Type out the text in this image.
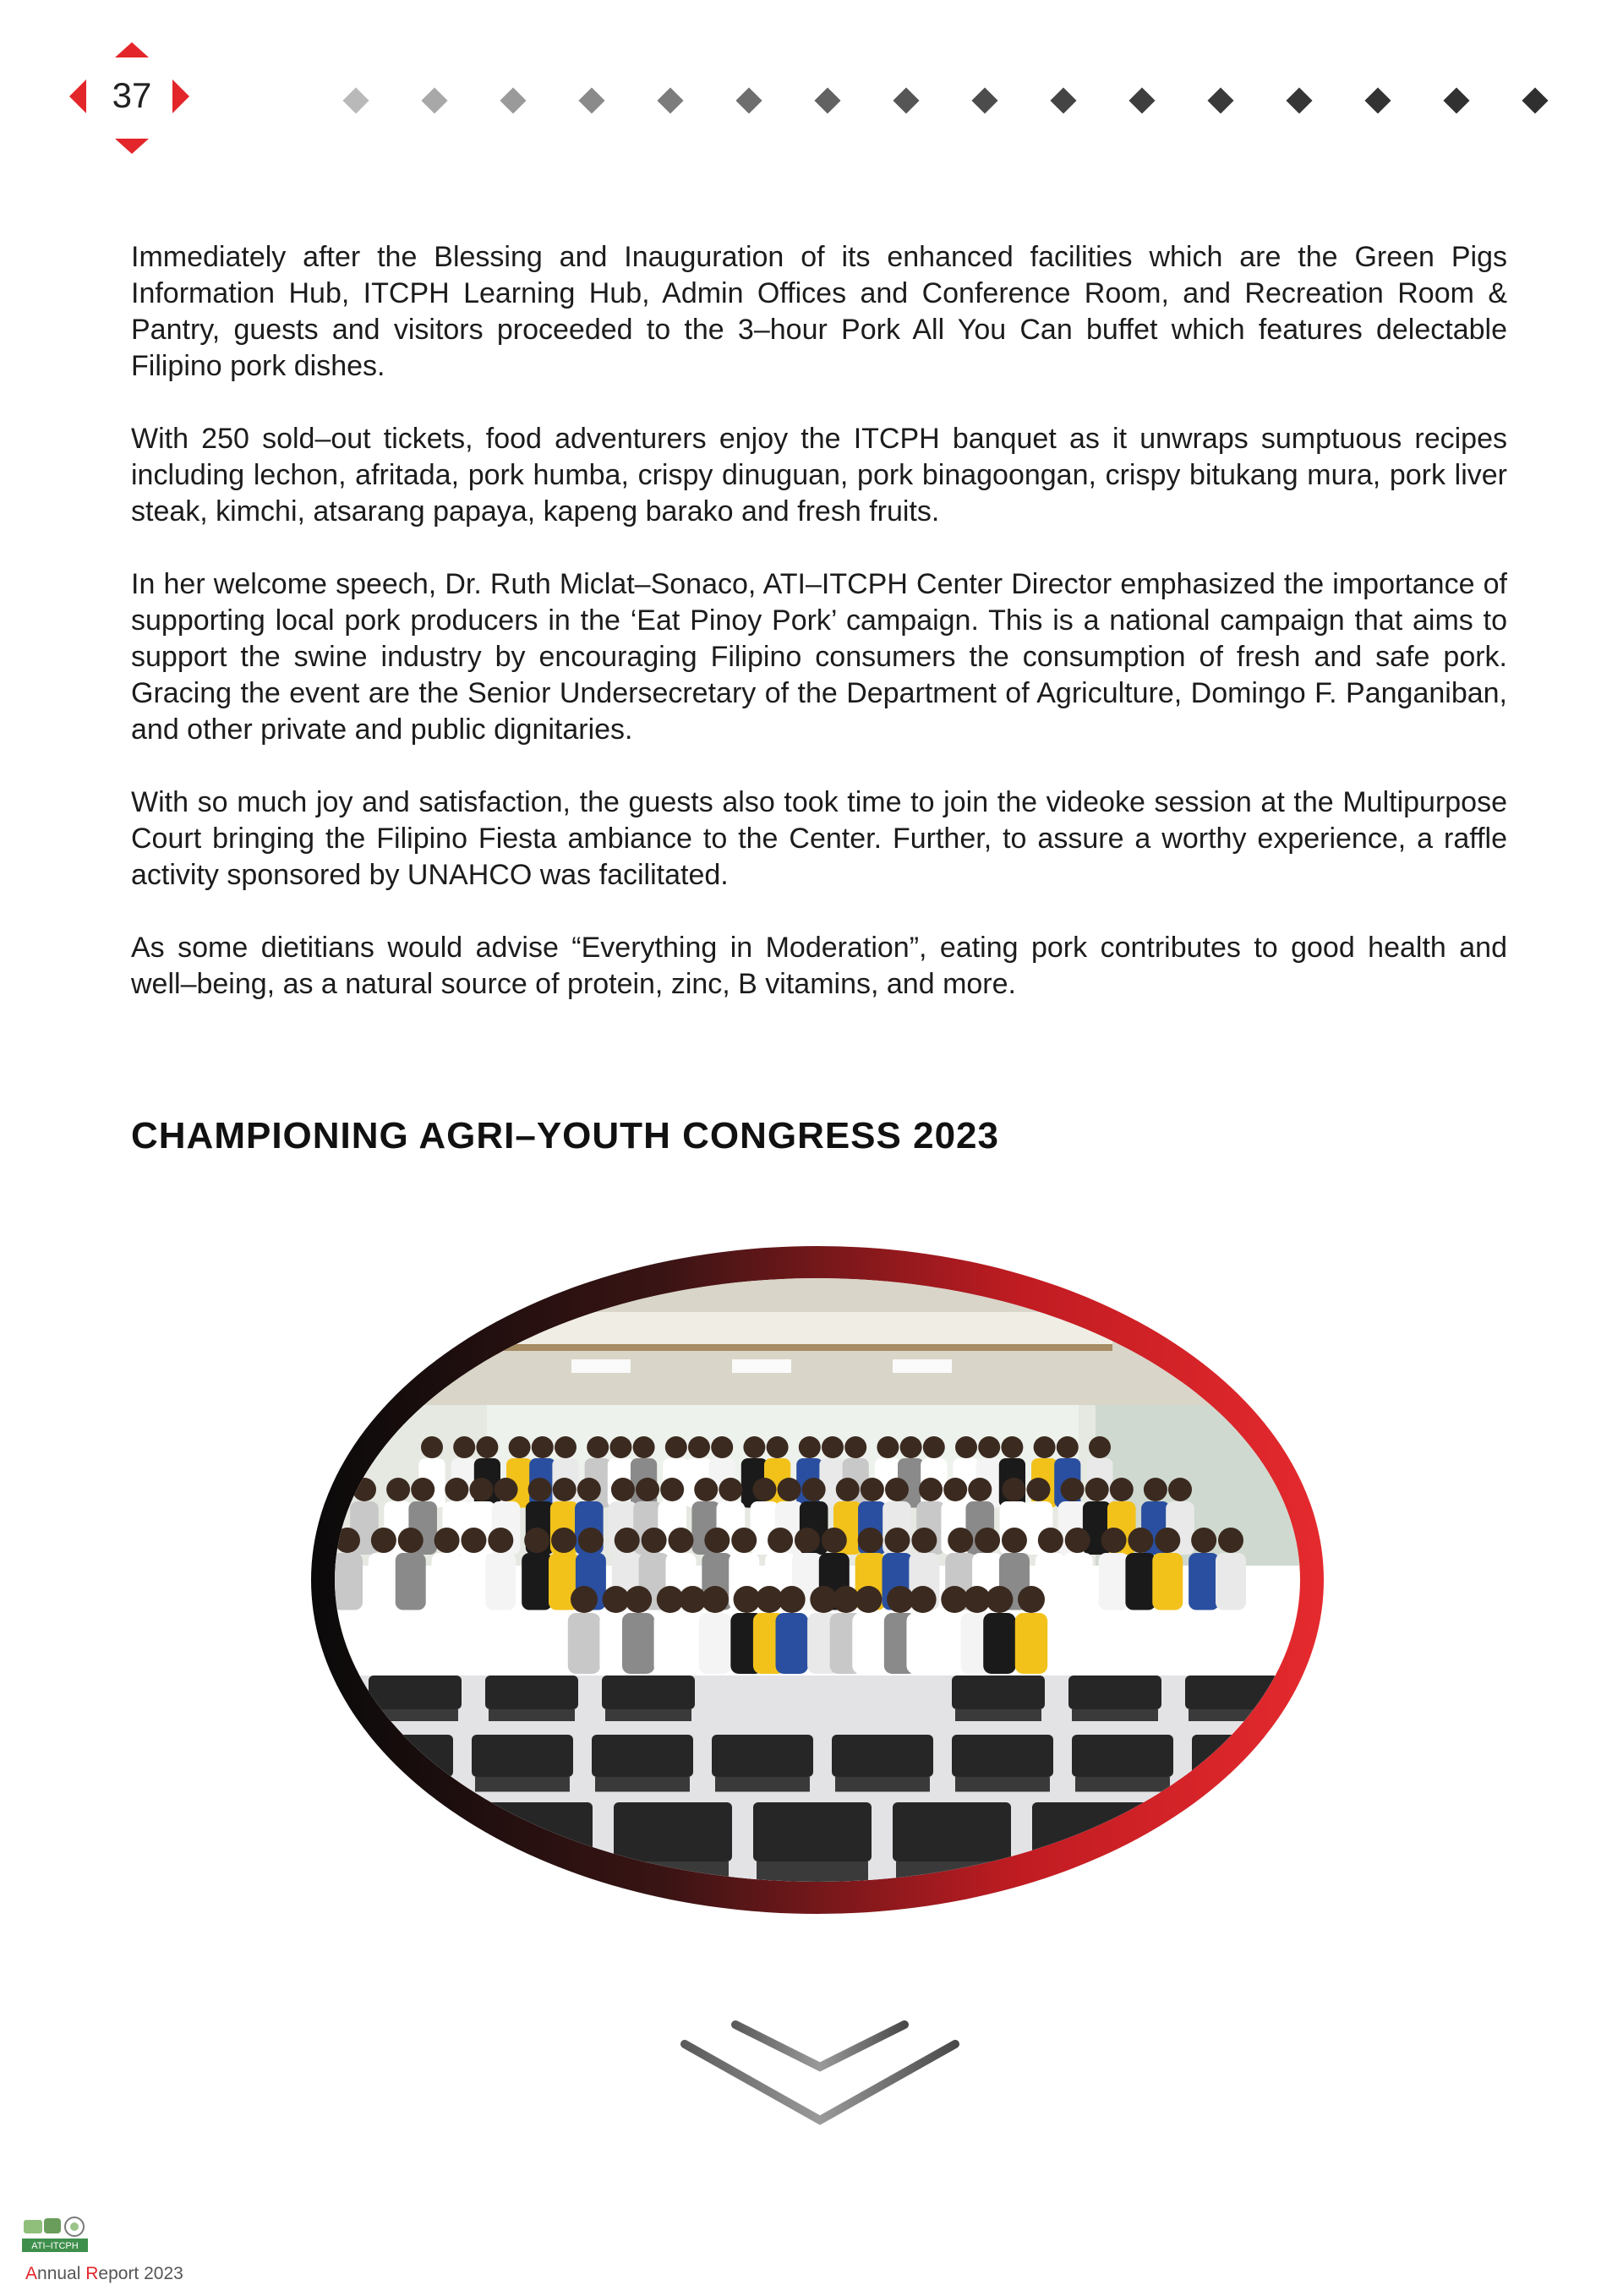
37

Immediately after the Blessing and Inauguration of its enhanced facilities which are the Green Pigs Information Hub, ITCPH Learning Hub, Admin Offices and Conference Room, and Recreation Room & Pantry, guests and visitors proceeded to the 3–hour Pork All You Can buffet which features delectable Filipino pork dishes.

With 250 sold–out tickets, food adventurers enjoy the ITCPH banquet as it unwraps sumptuous recipes including lechon, afritada, pork humba, crispy dinuguan, pork binagoongan, crispy bitukang mura, pork liver steak, kimchi, atsarang papaya, kapeng barako and fresh fruits.

In her welcome speech, Dr. Ruth Miclat–Sonaco, ATI–ITCPH Center Director emphasized the importance of supporting local pork producers in the ‘Eat Pinoy Pork’ campaign. This is a national campaign that aims to support the swine industry by encouraging Filipino consumers the consumption of fresh and safe pork. Gracing the event are the Senior Undersecretary of the Department of Agriculture, Domingo F. Panganiban, and other private and public dignitaries.

With so much joy and satisfaction, the guests also took time to join the videoke session at the Multipurpose Court bringing the Filipino Fiesta ambiance to the Center. Further, to assure a worthy experience, a raffle activity sponsored by UNAHCO was facilitated.

As some dietitians would advise “Everything in Moderation”, eating pork contributes to good health and well–being, as a natural source of protein, zinc, B vitamins, and more.

CHAMPIONING AGRI–YOUTH CONGRESS 2023
ATI–ITCPH
Annual Report 2023
